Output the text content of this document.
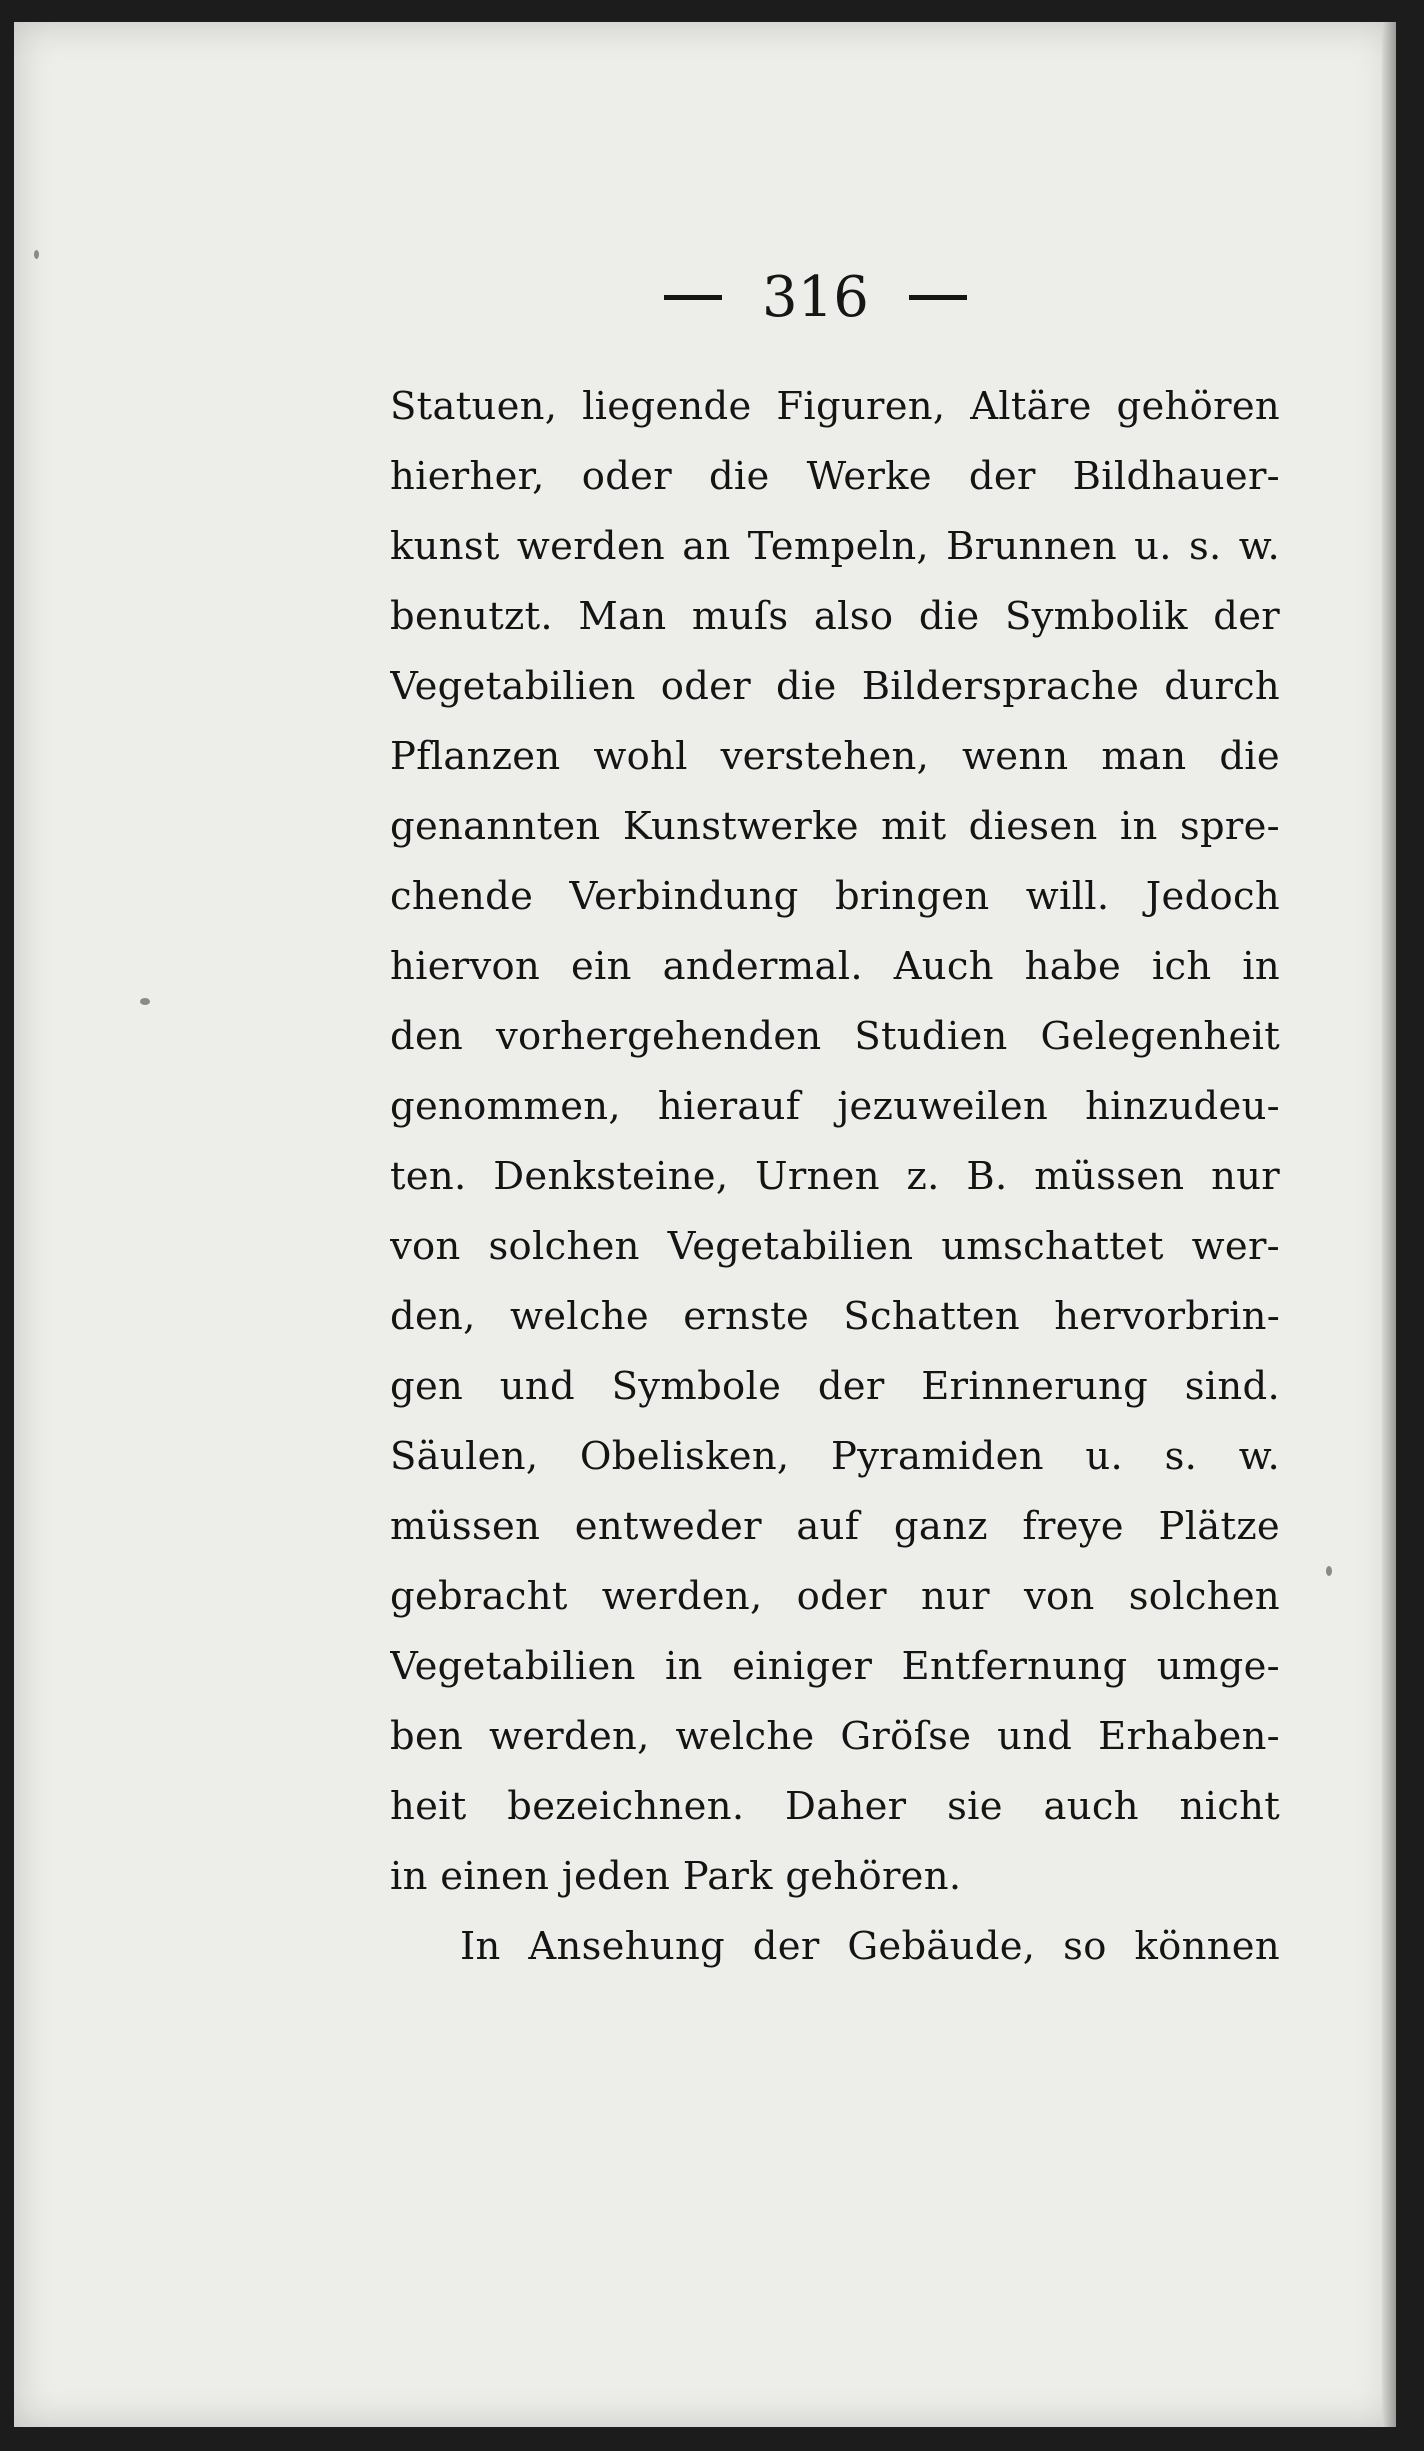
316
Statuen, liegende Figuren, Altäre gehören
hierher, oder die Werke der Bildhauer-
kunst werden an Tempeln, Brunnen u. s. w.
benutzt. Man muſs also die Symbolik der
Vegetabilien oder die Bildersprache durch
Pflanzen wohl verstehen, wenn man die
genannten Kunstwerke mit diesen in spre-
chende Verbindung bringen will. Jedoch
hiervon ein andermal. Auch habe ich in
den vorhergehenden Studien Gelegenheit
genommen, hierauf jezuweilen hinzudeu-
ten. Denksteine, Urnen z. B. müssen nur
von solchen Vegetabilien umschattet wer-
den, welche ernste Schatten hervorbrin-
gen und Symbole der Erinnerung sind.
Säulen, Obelisken, Pyramiden u. s. w.
müssen entweder auf ganz freye Plätze
gebracht werden, oder nur von solchen
Vegetabilien in einiger Entfernung umge-
ben werden, welche Gröſse und Erhaben-
heit bezeichnen. Daher sie auch nicht
in einen jeden Park gehören.
In Ansehung der Gebäude, so können
